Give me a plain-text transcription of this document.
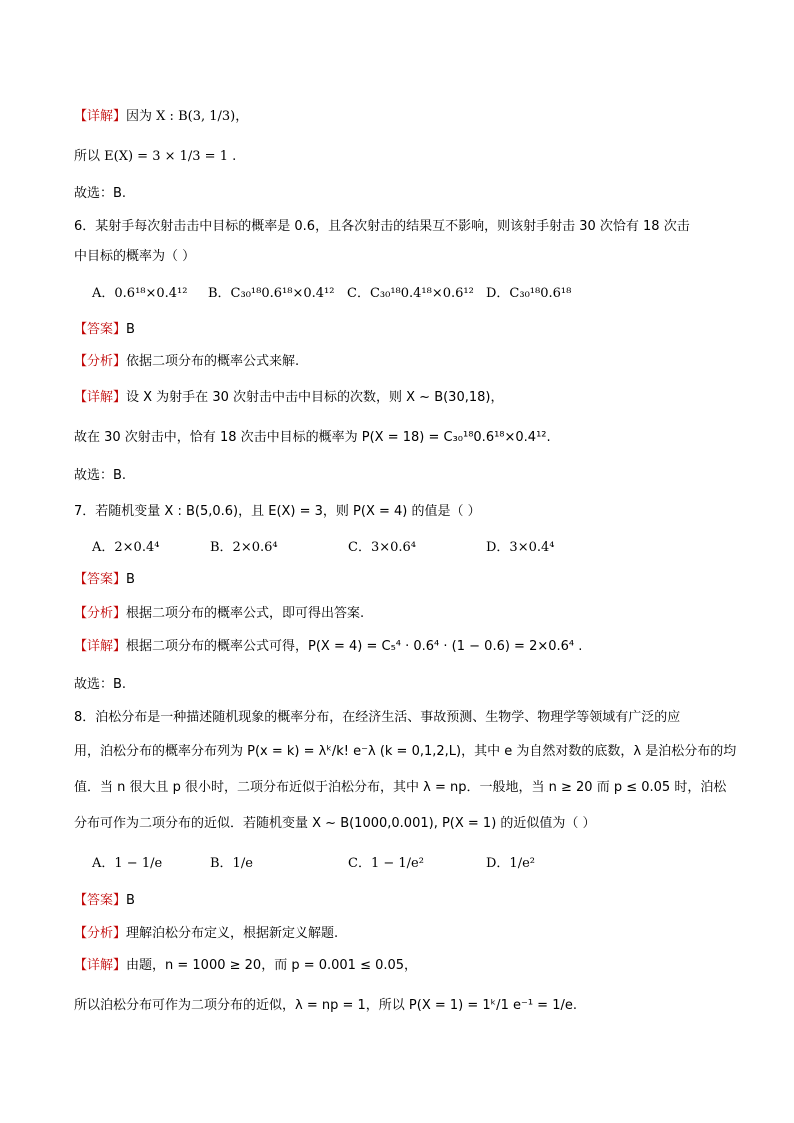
【详解】因为 X : B(3, 1/3)，
所以 E(X) = 3 × 1/3 = 1 .
故选：B.
6．某射手每次射击击中目标的概率是 0.6，且各次射击的结果互不影响，则该射手射击 30 次恰有 18 次击
中目标的概率为（ ）
A．0.6¹⁸×0.4¹² B．C₃₀¹⁸0.6¹⁸×0.4¹² C．C₃₀¹⁸0.4¹⁸×0.6¹² D．C₃₀¹⁸0.6¹⁸
【答案】B
【分析】依据二项分布的概率公式来解.
【详解】设 X 为射手在 30 次射击中击中目标的次数，则 X ~ B(30,18)，
故在 30 次射击中，恰有 18 次击中目标的概率为 P(X = 18) = C₃₀¹⁸0.6¹⁸×0.4¹².
故选：B.
7．若随机变量 X : B(5,0.6)，且 E(X) = 3，则 P(X = 4) 的值是（ ）
A．2×0.4⁴	B．2×0.6⁴	C．3×0.6⁴	D．3×0.4⁴
【答案】B
【分析】根据二项分布的概率公式，即可得出答案.
【详解】根据二项分布的概率公式可得，P(X = 4) = C₅⁴ · 0.6⁴ · (1 − 0.6) = 2×0.6⁴ .
故选：B.
8．泊松分布是一种描述随机现象的概率分布，在经济生活、事故预测、生物学、物理学等领域有广泛的应
用，泊松分布的概率分布列为 P(x = k) = λᵏ/k! e⁻λ (k = 0,1,2,L)，其中 e 为自然对数的底数，λ 是泊松分布的均
值．当 n 很大且 p 很小时，二项分布近似于泊松分布，其中 λ = np．一般地，当 n ≥ 20 而 p ≤ 0.05 时，泊松
分布可作为二项分布的近似．若随机变量 X ~ B(1000,0.001), P(X = 1) 的近似值为（ ）
A．1 − 1/e	B．1/e	C．1 − 1/e²	D．1/e²
【答案】B
【分析】理解泊松分布定义，根据新定义解题.
【详解】由题，n = 1000 ≥ 20，而 p = 0.001 ≤ 0.05，
所以泊松分布可作为二项分布的近似，λ = np = 1，所以 P(X = 1) = 1ᵏ/1 e⁻¹ = 1/e.
